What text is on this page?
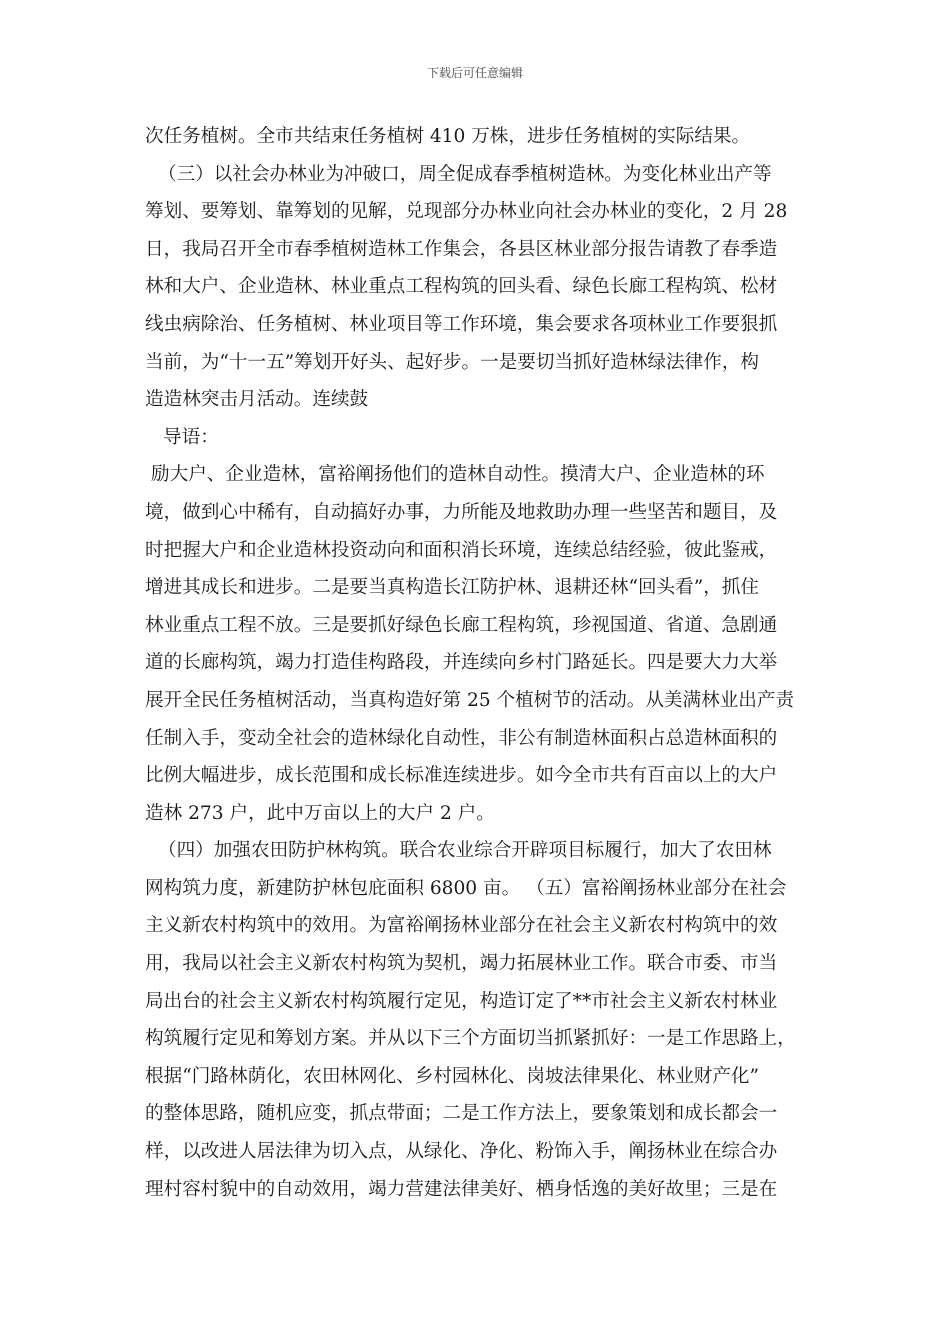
下载后可任意编辑
次任务植树。全市共结束任务植树 410 万株，进步任务植树的实际结果。
（三）以社会办林业为冲破口，周全促成春季植树造林。为变化林业出产等
筹划、要筹划、靠筹划的见解，兑现部分办林业向社会办林业的变化，2 月 28
日，我局召开全市春季植树造林工作集会，各县区林业部分报告请教了春季造
林和大户、企业造林、林业重点工程构筑的回头看、绿色长廊工程构筑、松材
线虫病除治、任务植树、林业项目等工作环境，集会要求各项林业工作要狠抓
当前，为“十一五”筹划开好头、起好步。一是要切当抓好造林绿法律作，构
造造林突击月活动。连续鼓
导语：
励大户、企业造林，富裕阐扬他们的造林自动性。摸清大户、企业造林的环
境，做到心中稀有，自动搞好办事，力所能及地救助办理一些坚苦和题目，及
时把握大户和企业造林投资动向和面积消长环境，连续总结经验，彼此鉴戒，
增进其成长和进步。二是要当真构造长江防护林、退耕还林“回头看”，抓住
林业重点工程不放。三是要抓好绿色长廊工程构筑，珍视国道、省道、急剧通
道的长廊构筑，竭力打造佳构路段，并连续向乡村门路延长。四是要大力大举
展开全民任务植树活动，当真构造好第 25 个植树节的活动。从美满林业出产责
任制入手，变动全社会的造林绿化自动性，非公有制造林面积占总造林面积的
比例大幅进步，成长范围和成长标准连续进步。如今全市共有百亩以上的大户
造林 273 户，此中万亩以上的大户 2 户。
（四）加强农田防护林构筑。联合农业综合开辟项目标履行，加大了农田林
网构筑力度，新建防护林包庇面积 6800 亩。 （五）富裕阐扬林业部分在社会
主义新农村构筑中的效用。为富裕阐扬林业部分在社会主义新农村构筑中的效
用，我局以社会主义新农村构筑为契机，竭力拓展林业工作。联合市委、市当
局出台的社会主义新农村构筑履行定见，构造订定了**市社会主义新农村林业
构筑履行定见和筹划方案。并从以下三个方面切当抓紧抓好：一是工作思路上，
根据“门路林荫化，农田林网化、乡村园林化、岗坡法律果化、林业财产化”
的整体思路，随机应变，抓点带面；二是工作方法上，要象策划和成长都会一
样，以改进人居法律为切入点，从绿化、净化、粉饰入手，阐扬林业在综合办
理村容村貌中的自动效用，竭力营建法律美好、栖身恬逸的美好故里；三是在
